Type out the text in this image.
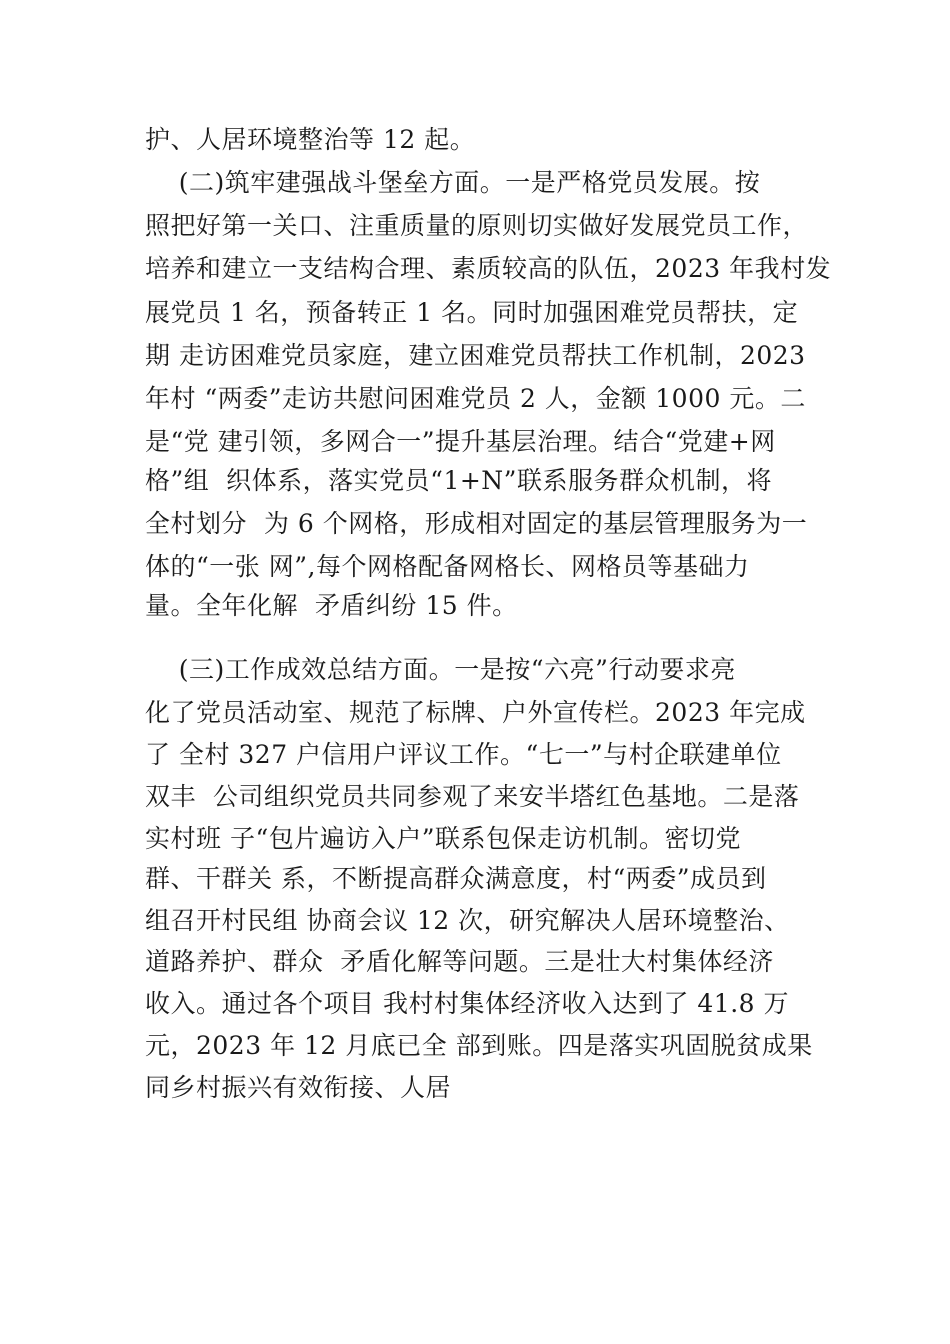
护、人居环境整治等 12 起。
(二)筑牢建强战斗堡垒方面。一是严格党员发展。按
照把好第一关口、注重质量的原则切实做好发展党员工作，
培养和建立一支结构合理、素质较高的队伍，2023 年我村发
展党员 1 名，预备转正 1 名。同时加强困难党员帮扶，定
期 走访困难党员家庭，建立困难党员帮扶工作机制，2023
年村 “两委”走访共慰问困难党员 2 人，金额 1000 元。二
是“党 建引领，多网合一”提升基层治理。结合“党建+网
格”组  织体系，落实党员“1+N”联系服务群众机制，将
全村划分  为 6 个网格，形成相对固定的基层管理服务为一
体的“一张 网”,每个网格配备网格长、网格员等基础力
量。全年化解  矛盾纠纷 15 件。
(三)工作成效总结方面。一是按“六亮”行动要求亮
化了党员活动室、规范了标牌、户外宣传栏。2023 年完成
了 全村 327 户信用户评议工作。“七一”与村企联建单位
双丰  公司组织党员共同参观了来安半塔红色基地。二是落
实村班 子“包片遍访入户”联系包保走访机制。密切党
群、干群关 系，不断提高群众满意度，村“两委”成员到
组召开村民组 协商会议 12 次，研究解决人居环境整治、
道路养护、群众  矛盾化解等问题。三是壮大村集体经济
收入。通过各个项目 我村村集体经济收入达到了 41.8 万
元，2023 年 12 月底已全 部到账。四是落实巩固脱贫成果
同乡村振兴有效衔接、人居
